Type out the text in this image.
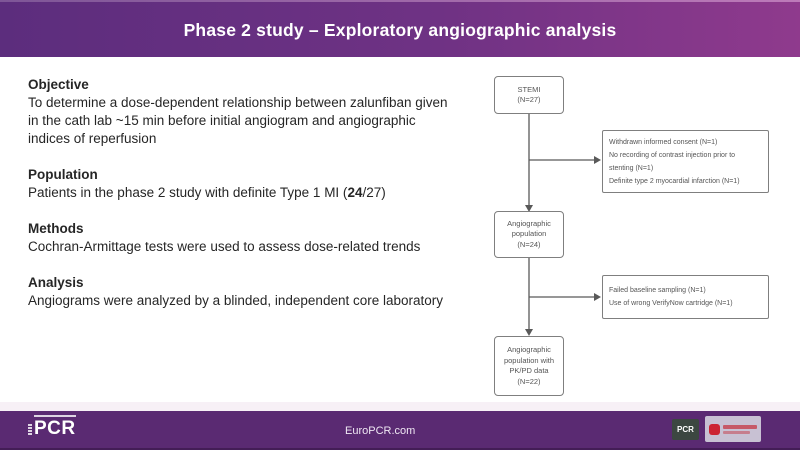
Phase 2 study – Exploratory angiographic analysis

Objective

To determine a dose-dependent relationship between zalunfiban given
in the cath lab ~15 min before initial angiogram and angiographic
indices of reperfusion

Population

Patients in the phase 2 study with definite Type 1 MI (24/27)

Methods

Cochran-Armittage tests were used to assess dose-related trends

Analysis

Angiograms were analyzed by a blinded, independent core laboratory
STEMI
(N=27)
Withdrawn informed consent (N=1)
No recording of contrast injection prior to
stenting (N=1)
Definite type 2 myocardial infarction (N=1)
Angiographic
population
(N=24)
Failed baseline sampling (N=1)
Use of wrong VerifyNow cartridge (N=1)
Angiographic
population with
PK/PD data
(N=22)
PCR	EuroPCR.com	PCR
